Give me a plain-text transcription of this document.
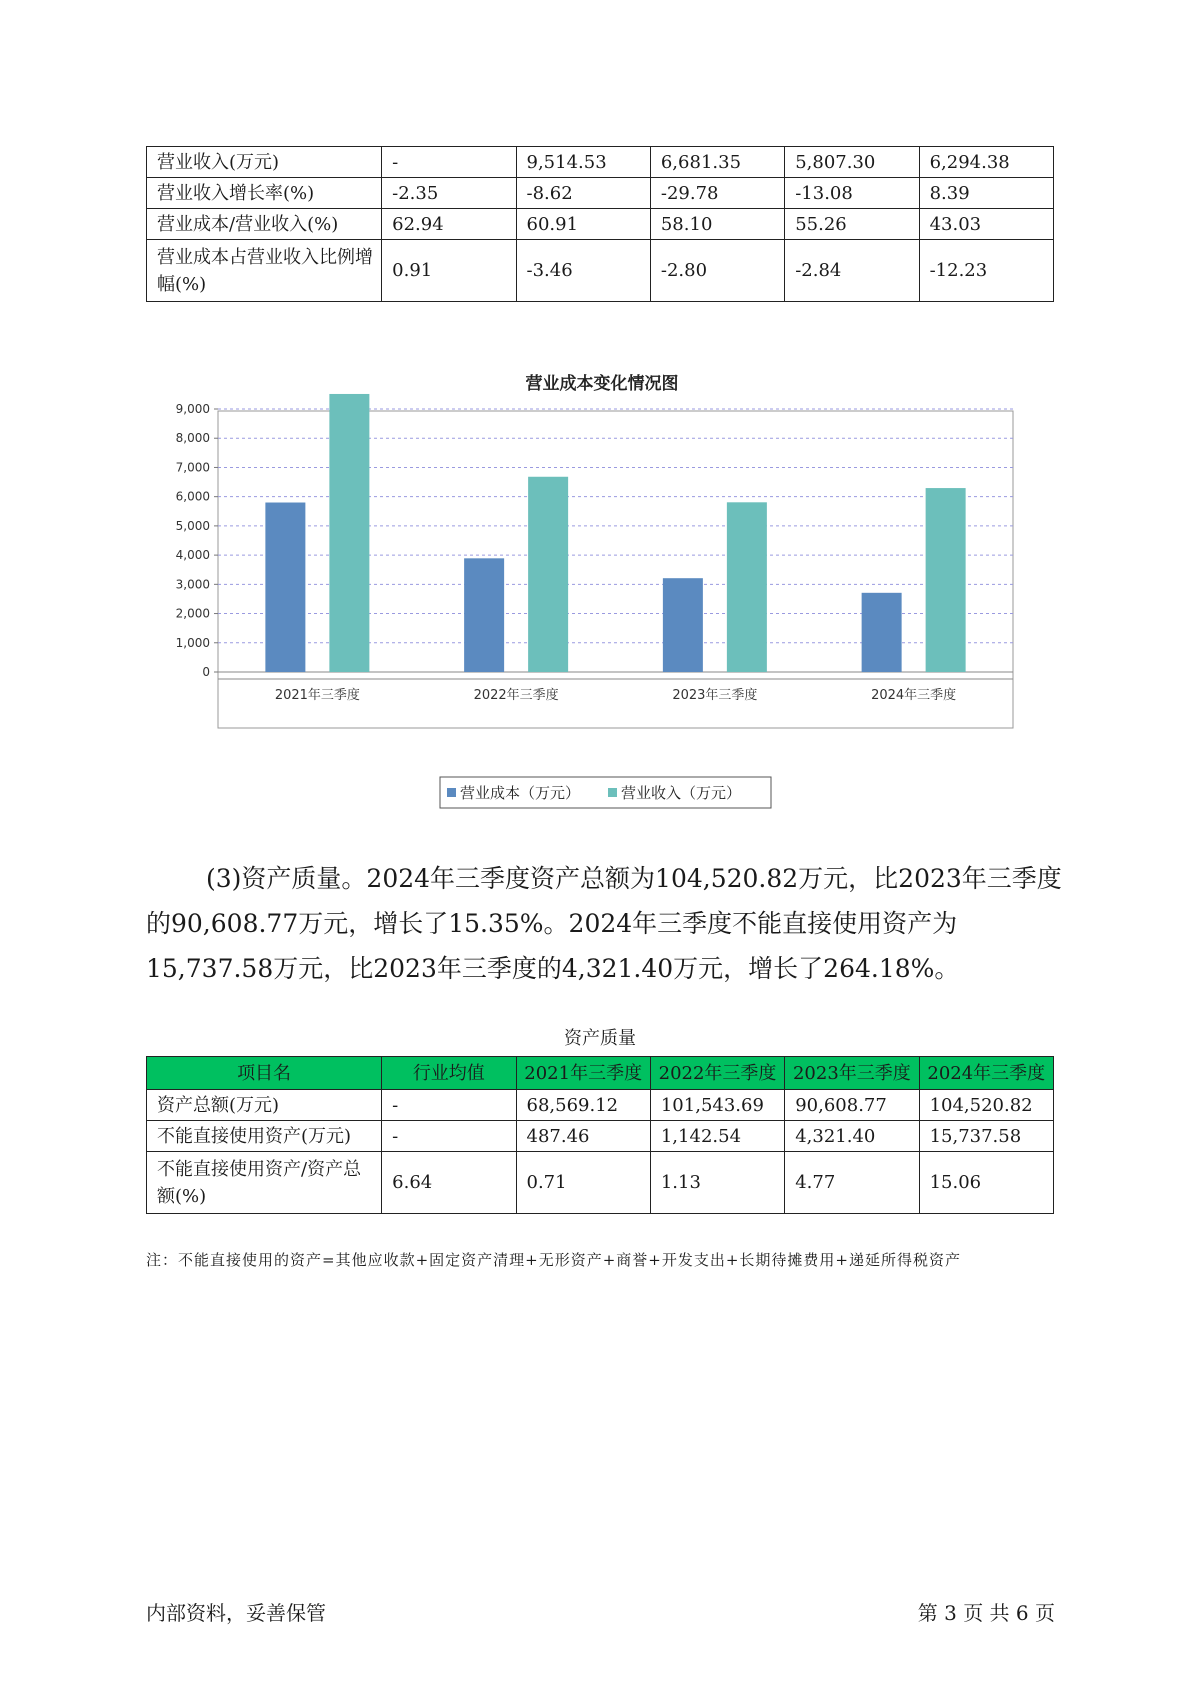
营业收入(万元)	-	9,514.53	6,681.35	5,807.30	6,294.38
营业收入增长率(%)	-2.35	-8.62	-29.78	-13.08	8.39
营业成本/营业收入(%)	62.94	60.91	58.10	55.26	43.03
营业成本占营业收入比例增幅(%)	0.91	-3.46	-2.80	-2.84	-12.23
营业成本变化情况图
0
1,000
2,000
3,000
4,000
5,000
6,000
7,000
8,000
9,000
2021年三季度	2022年三季度	2023年三季度	2024年三季度
营业成本（万元）	营业收入（万元）

(3)资产质量。2024年三季度资产总额为104,520.82万元，比2023年三季度的90,608.77万元，增长了15.35%。2024年三季度不能直接使用资产为15,737.58万元，比2023年三季度的4,321.40万元，增长了264.18%。

资产质量
项目名	行业均值	2021年三季度	2022年三季度	2023年三季度	2024年三季度
资产总额(万元)	-	68,569.12	101,543.69	90,608.77	104,520.82
不能直接使用资产(万元)	-	487.46	1,142.54	4,321.40	15,737.58
不能直接使用资产/资产总额(%)	6.64	0.71	1.13	4.77	15.06
注：不能直接使用的资产=其他应收款+固定资产清理+无形资产+商誉+开发支出+长期待摊费用+递延所得税资产
内部资料，妥善保管	第 3 页 共 6 页
